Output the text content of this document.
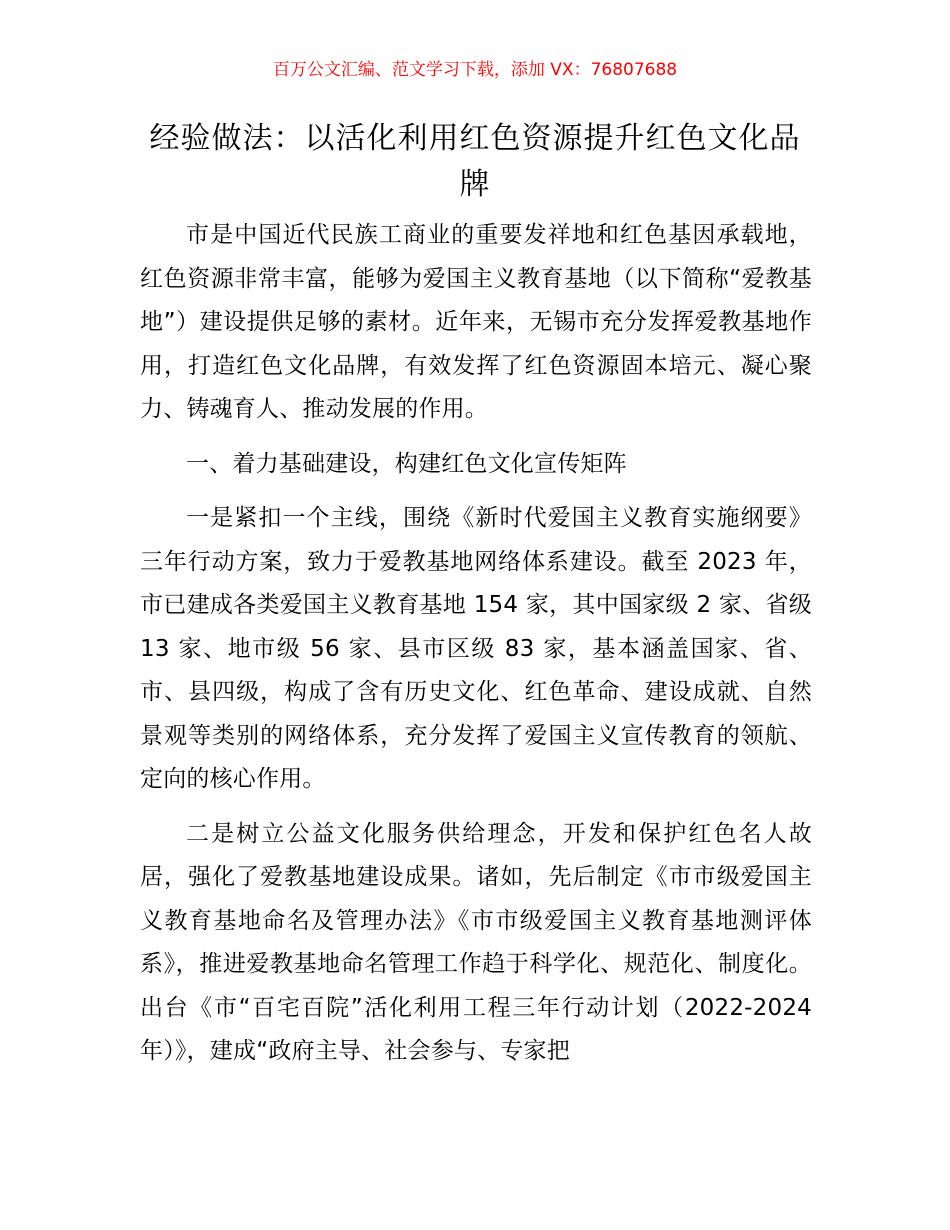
百万公文汇编、范文学习下载，添加 VX：76807688
经验做法：以活化利用红色资源提升红色文化品牌

市是中国近代民族工商业的重要发祥地和红色基因承载地，红色资源非常丰富，能够为爱国主义教育基地（以下简称“爱教基地”）建设提供足够的素材。近年来，无锡市充分发挥爱教基地作用，打造红色文化品牌，有效发挥了红色资源固本培元、凝心聚力、铸魂育人、推动发展的作用。

一、着力基础建设，构建红色文化宣传矩阵

一是紧扣一个主线，围绕《新时代爱国主义教育实施纲要》三年行动方案，致力于爱教基地网络体系建设。截至 2023 年，市已建成各类爱国主义教育基地 154 家，其中国家级 2 家、省级 13 家、地市级 56 家、县市区级 83 家，基本涵盖国家、省、市、县四级，构成了含有历史文化、红色革命、建设成就、自然景观等类别的网络体系，充分发挥了爱国主义宣传教育的领航、定向的核心作用。

二是树立公益文化服务供给理念，开发和保护红色名人故居，强化了爱教基地建设成果。诸如，先后制定《市市级爱国主义教育基地命名及管理办法》《市市级爱国主义教育基地测评体系》，推进爱教基地命名管理工作趋于科学化、规范化、制度化。出台《市“百宅百院”活化利用工程三年行动计划（2022-2024 年）》，建成“政府主导、社会参与、专家把
